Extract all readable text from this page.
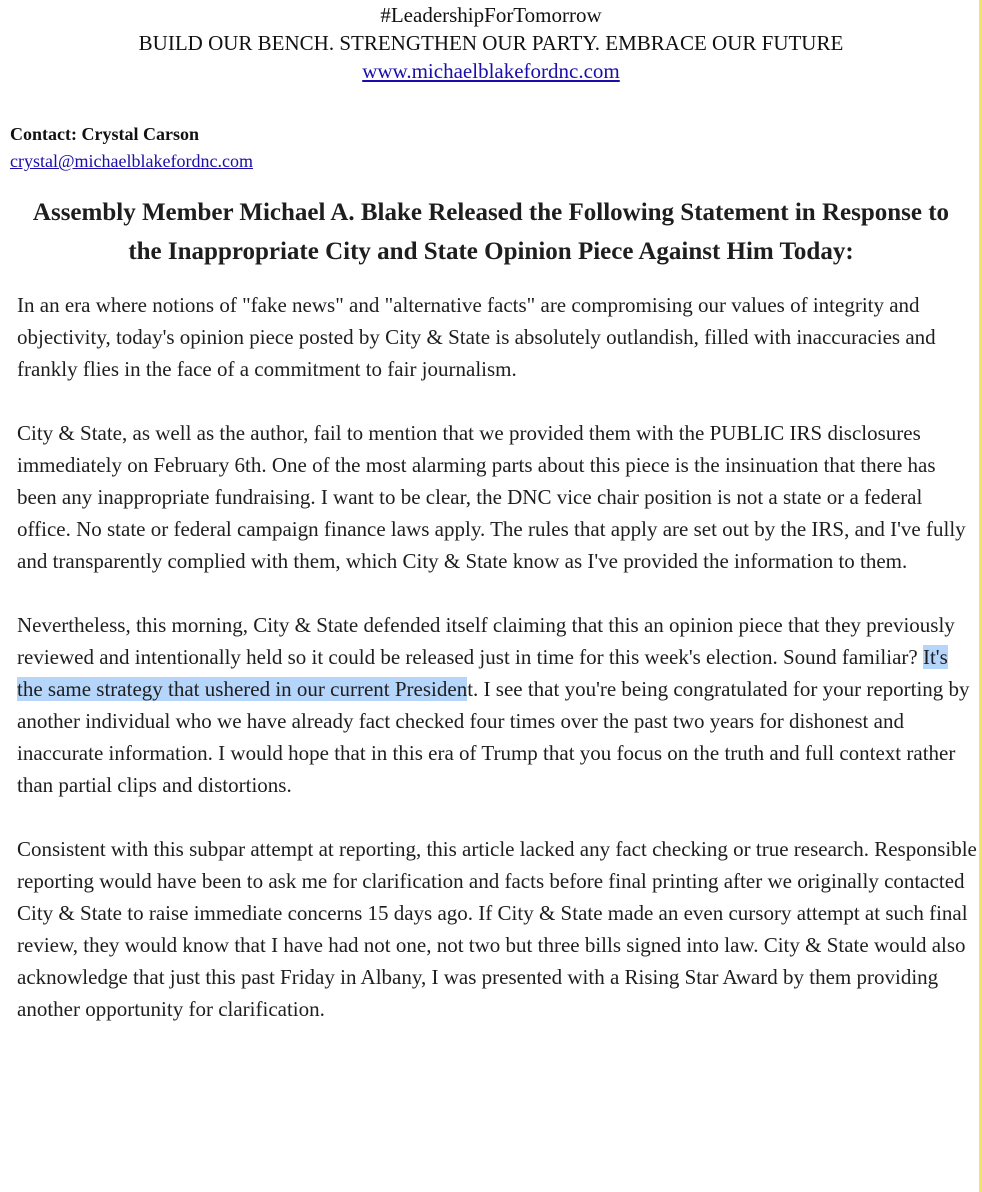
#LeadershipForTomorrow
BUILD OUR BENCH. STRENGTHEN OUR PARTY. EMBRACE OUR FUTURE
www.michaelblakefordnc.com
Contact: Crystal Carson
crystal@michaelblakefordnc.com
Assembly Member Michael A. Blake Released the Following Statement in Response to the Inappropriate City and State Opinion Piece Against Him Today:

In an era where notions of "fake news" and "alternative facts" are compromising our values of integrity and objectivity, today's opinion piece posted by City & State is absolutely outlandish, filled with inaccuracies and frankly flies in the face of a commitment to fair journalism.

City & State, as well as the author, fail to mention that we provided them with the PUBLIC IRS disclosures immediately on February 6th. One of the most alarming parts about this piece is the insinuation that there has been any inappropriate fundraising. I want to be clear, the DNC vice chair position is not a state or a federal office. No state or federal campaign finance laws apply. The rules that apply are set out by the IRS, and I've fully and transparently complied with them, which City & State know as I've provided the information to them.

Nevertheless, this morning, City & State defended itself claiming that this an opinion piece that they previously reviewed and intentionally held so it could be released just in time for this week's election. Sound familiar? It's the same strategy that ushered in our current President. I see that you're being congratulated for your reporting by another individual who we have already fact checked four times over the past two years for dishonest and inaccurate information. I would hope that in this era of Trump that you focus on the truth and full context rather than partial clips and distortions.

Consistent with this subpar attempt at reporting, this article lacked any fact checking or true research. Responsible reporting would have been to ask me for clarification and facts before final printing after we originally contacted City & State to raise immediate concerns 15 days ago. If City & State made an even cursory attempt at such final review, they would know that I have had not one, not two but three bills signed into law. City & State would also acknowledge that just this past Friday in Albany, I was presented with a Rising Star Award by them providing another opportunity for clarification.
